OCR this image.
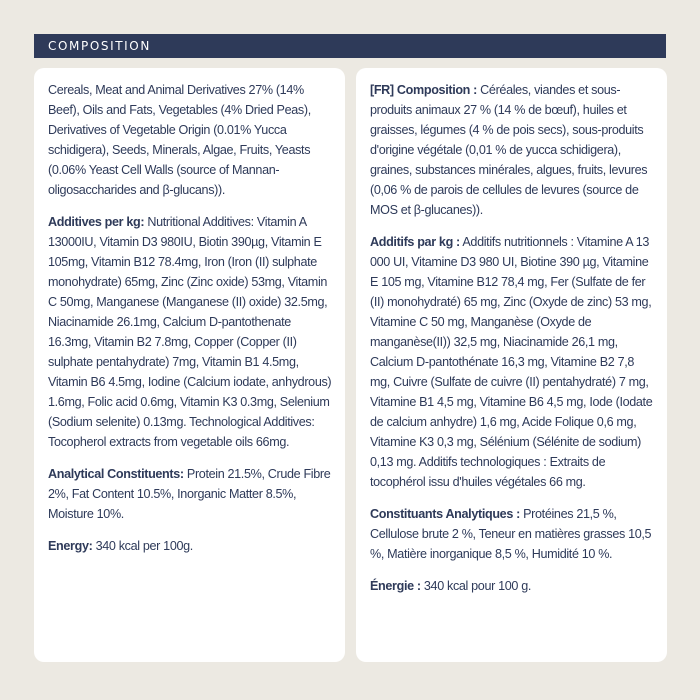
COMPOSITION

Cereals, Meat and Animal Derivatives 27% (14% Beef), Oils and Fats, Vegetables (4% Dried Peas), Derivatives of Vegetable Origin (0.01% Yucca schidigera), Seeds, Minerals, Algae, Fruits, Yeasts (0.06% Yeast Cell Walls (source of Mannan-oligosaccharides and β-glucans)).

Additives per kg: Nutritional Additives: Vitamin A 13000IU, Vitamin D3 980IU, Biotin 390µg, Vitamin E 105mg, Vitamin B12 78.4mg, Iron (Iron (II) sulphate monohydrate) 65mg, Zinc (Zinc oxide) 53mg, Vitamin C 50mg, Manganese (Manganese (II) oxide) 32.5mg, Niacinamide 26.1mg, Calcium D-pantothenate 16.3mg, Vitamin B2 7.8mg, Copper (Copper (II) sulphate pentahydrate) 7mg, Vitamin B1 4.5mg, Vitamin B6 4.5mg, Iodine (Calcium iodate, anhydrous) 1.6mg, Folic acid 0.6mg, Vitamin K3 0.3mg, Selenium (Sodium selenite) 0.13mg. Technological Additives: Tocopherol extracts from vegetable oils 66mg.

Analytical Constituents: Protein 21.5%, Crude Fibre 2%, Fat Content 10.5%, Inorganic Matter 8.5%, Moisture 10%.

Energy: 340 kcal per 100g.

[FR] Composition : Céréales, viandes et sous-produits animaux 27 % (14 % de bœuf), huiles et graisses, légumes (4 % de pois secs), sous-produits d'origine végétale (0,01 % de yucca schidigera), graines, substances minérales, algues, fruits, levures (0,06 % de parois de cellules de levures (source de MOS et β-glucanes)).

Additifs par kg : Additifs nutritionnels : Vitamine A 13 000 UI, Vitamine D3 980 UI, Biotine 390 µg, Vitamine E 105 mg, Vitamine B12 78,4 mg, Fer (Sulfate de fer (II) monohydraté) 65 mg, Zinc (Oxyde de zinc) 53 mg, Vitamine C 50 mg, Manganèse (Oxyde de manganèse(II)) 32,5 mg, Niacinamide 26,1 mg, Calcium D-pantothénate 16,3 mg, Vitamine B2 7,8 mg, Cuivre (Sulfate de cuivre (II) pentahydraté) 7 mg, Vitamine B1 4,5 mg, Vitamine B6 4,5 mg, Iode (Iodate de calcium anhydre) 1,6 mg, Acide Folique 0,6 mg, Vitamine K3 0,3 mg, Sélénium (Sélénite de sodium) 0,13 mg. Additifs technologiques : Extraits de tocophérol issu d'huiles végétales 66 mg.

Constituants Analytiques : Protéines 21,5 %, Cellulose brute 2 %, Teneur en matières grasses 10,5 %, Matière inorganique 8,5 %, Humidité 10 %.

Énergie : 340 kcal pour 100 g.
